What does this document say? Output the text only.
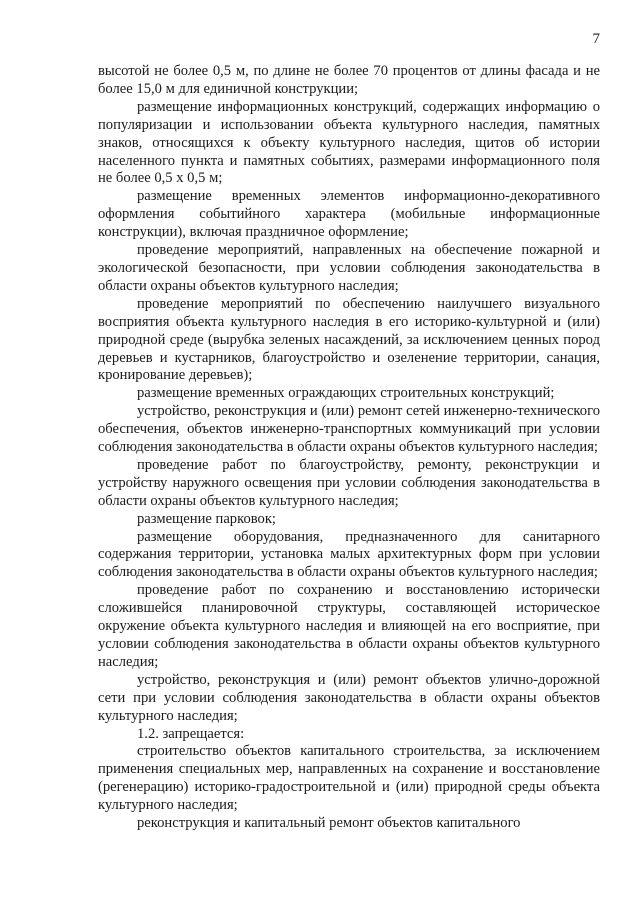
7

высотой не более 0,5 м, по длине не более 70 процентов от длины фасада и не более 15,0 м для единичной конструкции;

размещение информационных конструкций, содержащих информацию о популяризации и использовании объекта культурного наследия, памятных знаков, относящихся к объекту культурного наследия, щитов об истории населенного пункта и памятных событиях, размерами информационного поля не более 0,5 х 0,5 м;

размещение временных элементов информационно-декоративного оформления событийного характера (мобильные информационные конструкции), включая праздничное оформление;

проведение мероприятий, направленных на обеспечение пожарной и экологической безопасности, при условии соблюдения законодательства в области охраны объектов культурного наследия;

проведение мероприятий по обеспечению наилучшего визуального восприятия объекта культурного наследия в его историко-культурной и (или) природной среде (вырубка зеленых насаждений, за исключением ценных пород деревьев и кустарников, благоустройство и озеленение территории, санация, кронирование деревьев);

размещение временных ограждающих строительных конструкций;

устройство, реконструкция и (или) ремонт сетей инженерно-технического обеспечения, объектов инженерно-транспортных коммуникаций при условии соблюдения законодательства в области охраны объектов культурного наследия;

проведение работ по благоустройству, ремонту, реконструкции и устройству наружного освещения при условии соблюдения законодательства в области охраны объектов культурного наследия;

размещение парковок;

размещение оборудования, предназначенного для санитарного содержания территории, установка малых архитектурных форм при условии соблюдения законодательства в области охраны объектов культурного наследия;

проведение работ по сохранению и восстановлению исторически сложившейся планировочной структуры, составляющей историческое окружение объекта культурного наследия и влияющей на его восприятие, при условии соблюдения законодательства в области охраны объектов культурного наследия;

устройство, реконструкция и (или) ремонт объектов улично-дорожной сети при условии соблюдения законодательства в области охраны объектов культурного наследия;

1.2. запрещается:

строительство объектов капитального строительства, за исключением применения специальных мер, направленных на сохранение и восстановление (регенерацию) историко-градостроительной и (или) природной среды объекта культурного наследия;

реконструкция и капитальный ремонт объектов капитального
